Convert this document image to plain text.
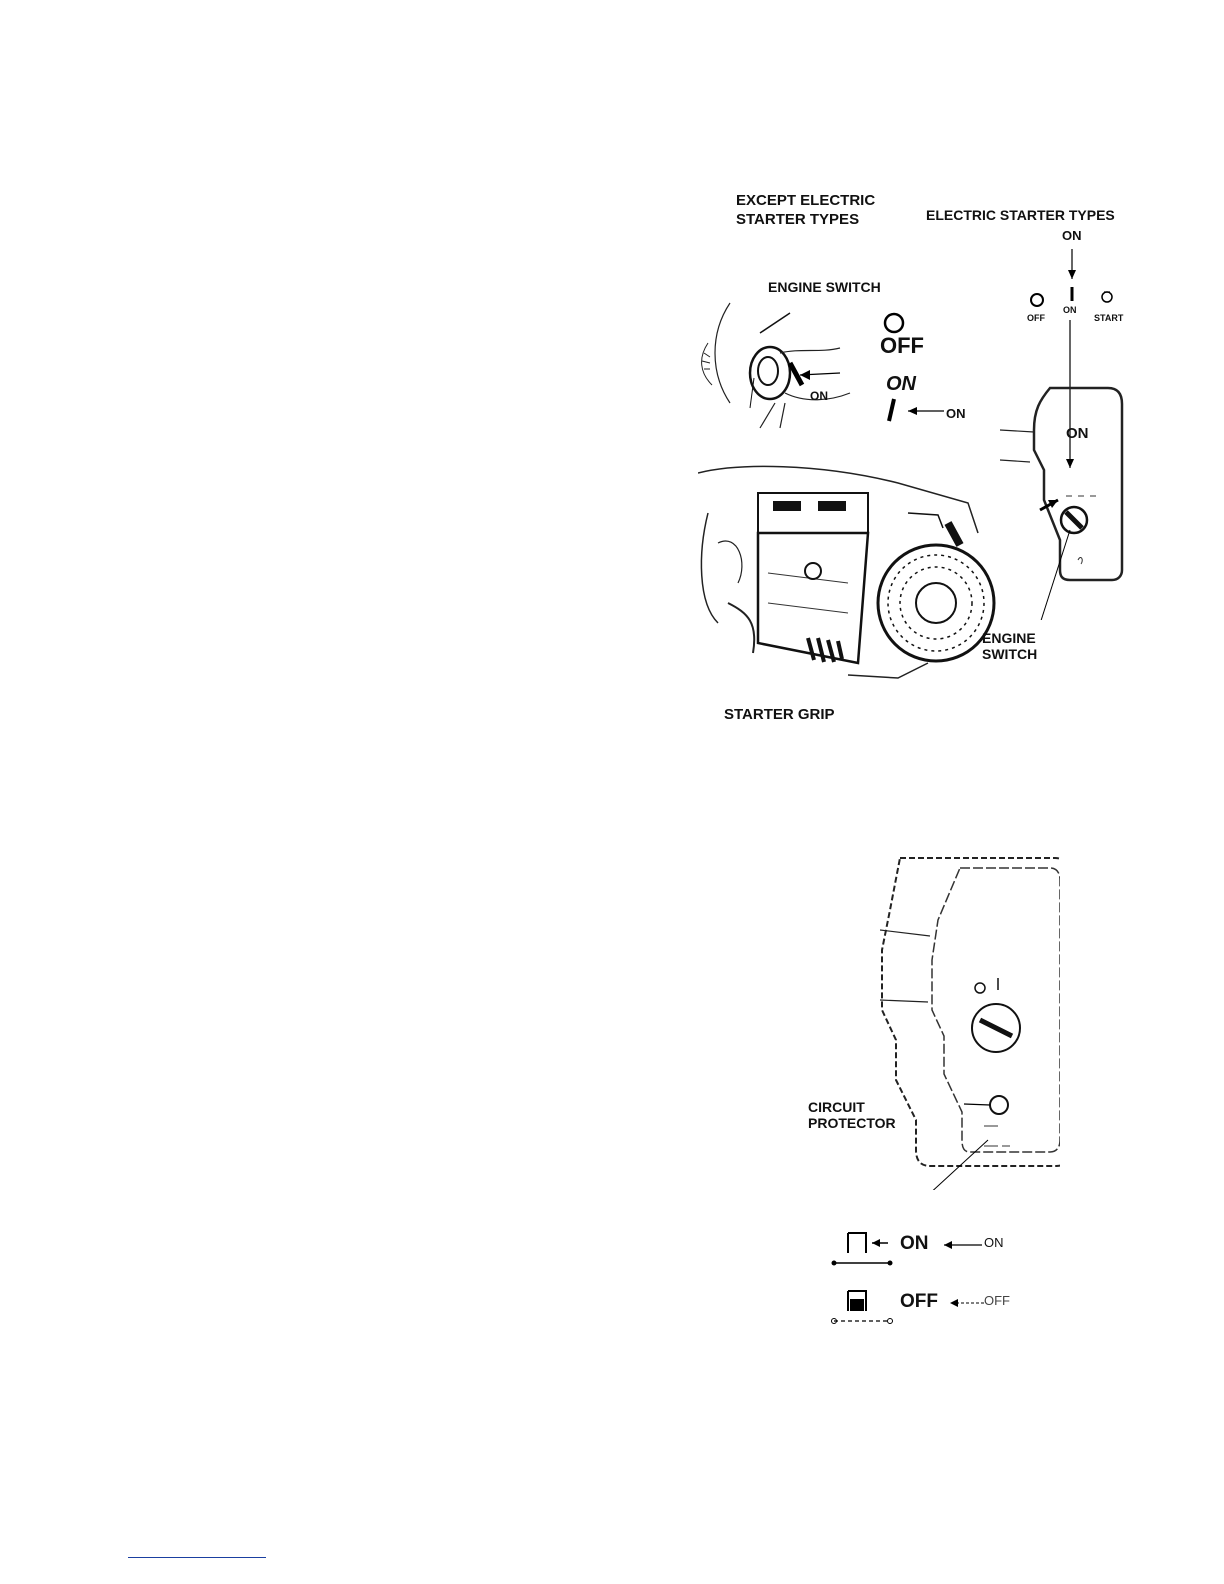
EXCEPT ELECTRIC
STARTER TYPES	ELECTRIC STARTER TYPES
ON
ENGINE SWITCH
ON
OFF
ON
ON
OFF
ON
START
ON
ENGINE
SWITCH
STARTER GRIP
CIRCUIT
PROTECTOR
ON	ON
OFF	OFF
